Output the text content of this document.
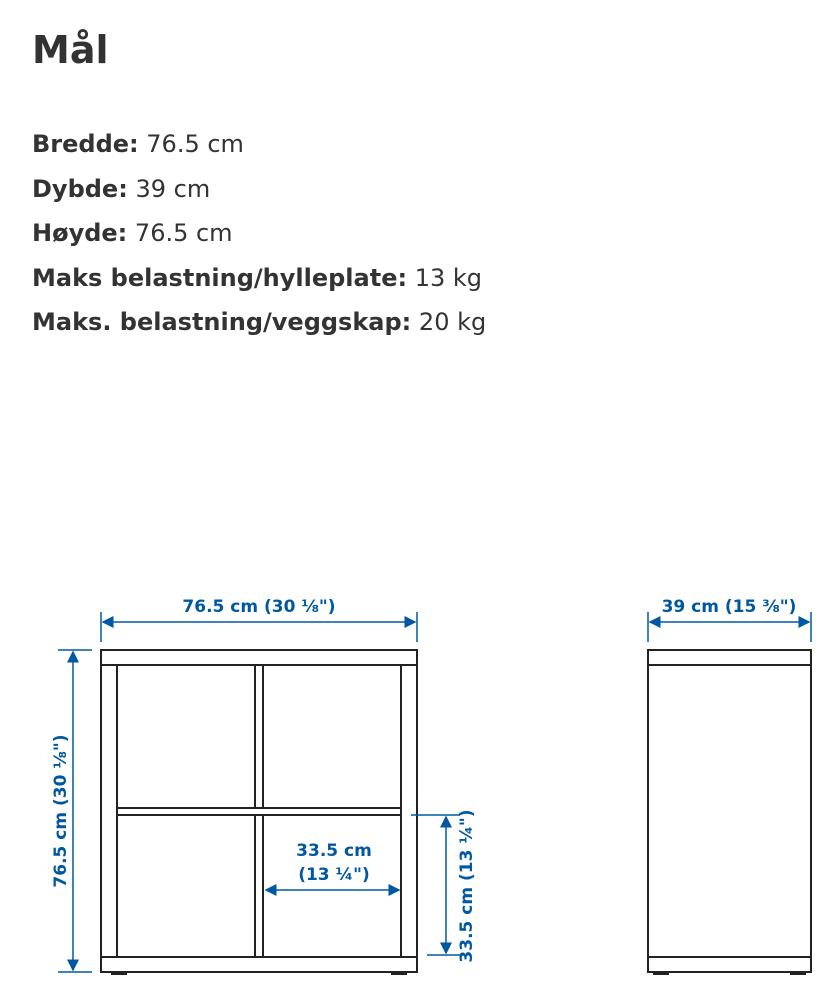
Mål
Bredde: 76.5 cm
Dybde: 39 cm
Høyde: 76.5 cm
Maks belastning/hylleplate: 13 kg
Maks. belastning/veggskap: 20 kg
76.5 cm (30 ⅛")
76.5 cm (30 ⅛")	33.5 cm
(13 ¼")	33.5 cm (13 ¼")
39 cm (15 ⅜")
